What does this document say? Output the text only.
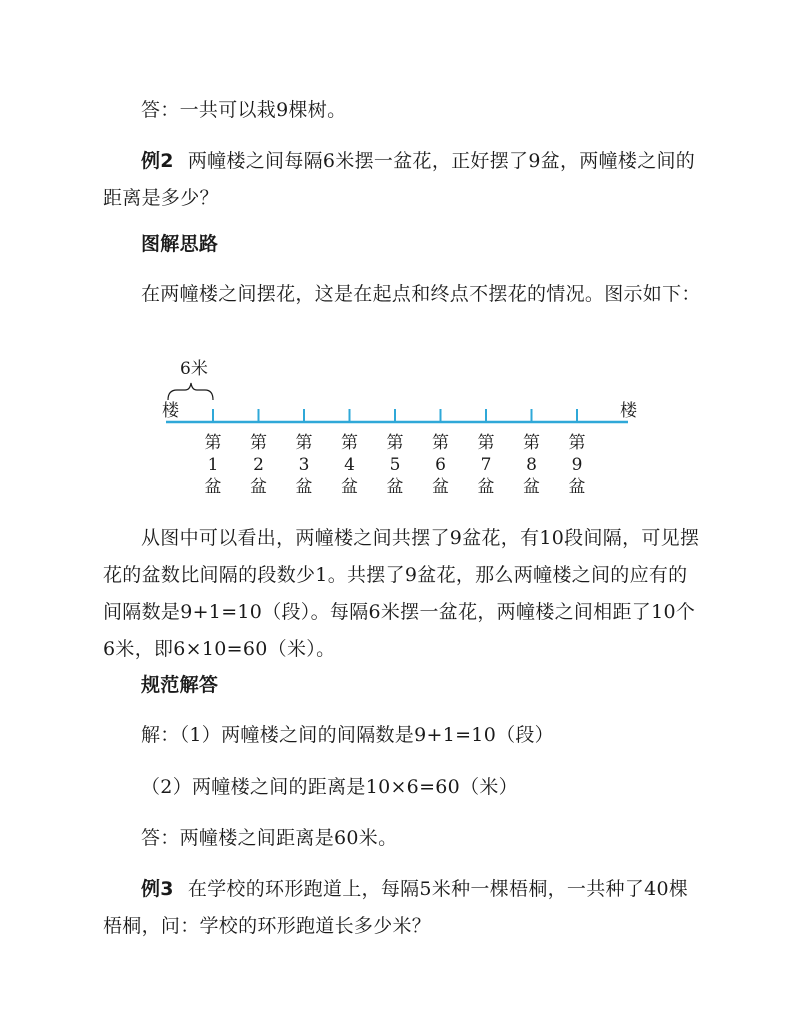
答：一共可以栽9棵树。

例2 两幢楼之间每隔6米摆一盆花，正好摆了9盆，两幢楼之间的距离是多少？

图解思路

在两幢楼之间摆花，这是在起点和终点不摆花的情况。图示如下：

6米
楼	楼
第
1
盆
第
2
盆
第
3
盆
第
4
盆
第
5
盆
第
6
盆
第
7
盆
第
8
盆
第
9
盆

从图中可以看出，两幢楼之间共摆了9盆花，有10段间隔，可见摆花的盆数比间隔的段数少1。共摆了9盆花，那么两幢楼之间的应有的间隔数是9+1=10（段）。每隔6米摆一盆花，两幢楼之间相距了10个6米，即6×10=60（米）。

规范解答

解：（1）两幢楼之间的间隔数是9+1=10（段）

（2）两幢楼之间的距离是10×6=60（米）

答：两幢楼之间距离是60米。

例3 在学校的环形跑道上，每隔5米种一棵梧桐，一共种了40棵梧桐，问：学校的环形跑道长多少米？
